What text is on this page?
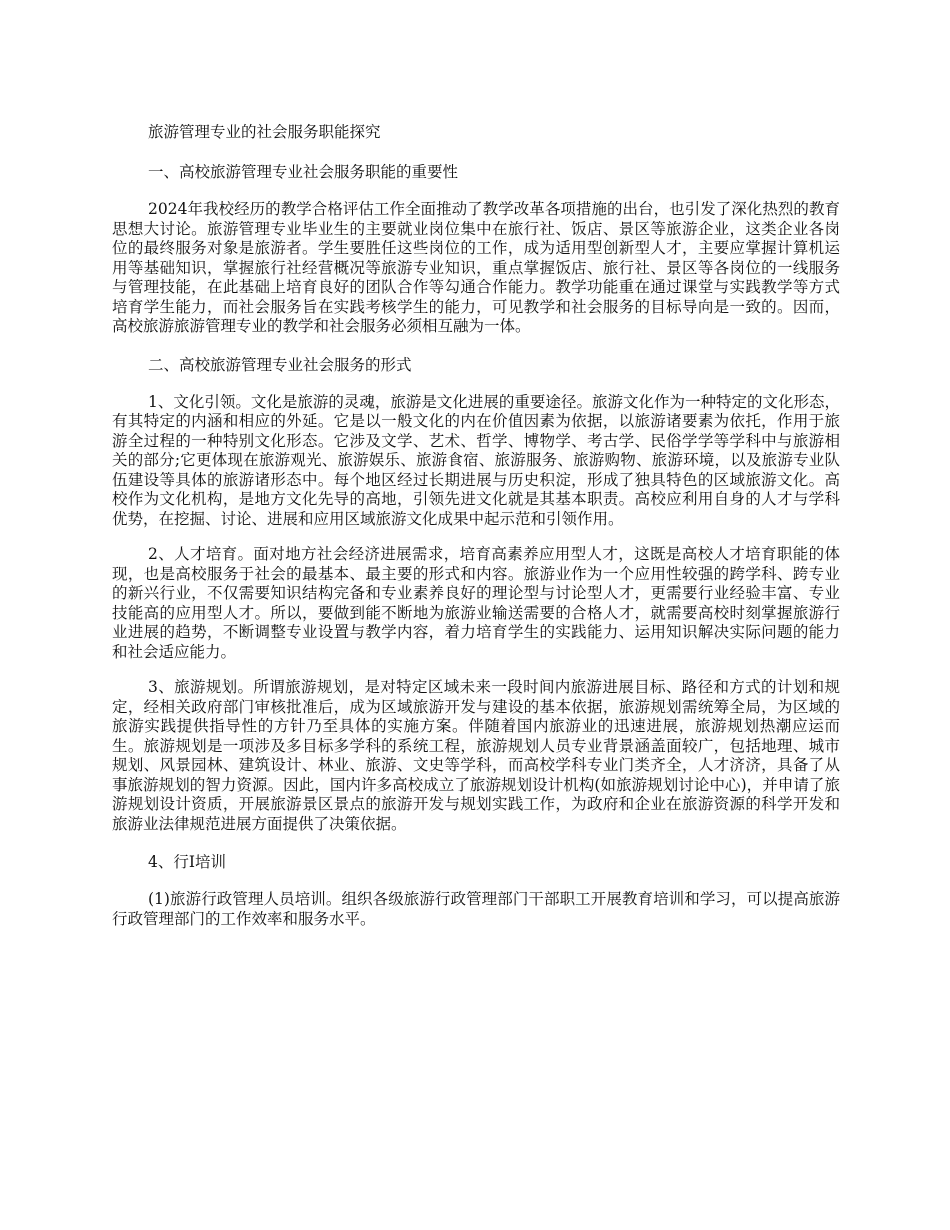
旅游管理专业的社会服务职能探究

一、高校旅游管理专业社会服务职能的重要性

2024年我校经历的教学合格评估工作全面推动了教学改革各项措施的出台，也引发了深化热烈的教育思想大讨论。旅游管理专业毕业生的主要就业岗位集中在旅行社、饭店、景区等旅游企业，这类企业各岗位的最终服务对象是旅游者。学生要胜任这些岗位的工作，成为适用型创新型人才，主要应掌握计算机运用等基础知识，掌握旅行社经营概况等旅游专业知识，重点掌握饭店、旅行社、景区等各岗位的一线服务与管理技能，在此基础上培育良好的团队合作等勾通合作能力。教学功能重在通过课堂与实践教学等方式培育学生能力，而社会服务旨在实践考核学生的能力，可见教学和社会服务的目标导向是一致的。因而，高校旅游旅游管理专业的教学和社会服务必须相互融为一体。

二、高校旅游管理专业社会服务的形式

1、文化引领。文化是旅游的灵魂，旅游是文化进展的重要途径。旅游文化作为一种特定的文化形态，有其特定的内涵和相应的外延。它是以一般文化的内在价值因素为依据，以旅游诸要素为依托，作用于旅游全过程的一种特别文化形态。它涉及文学、艺术、哲学、博物学、考古学、民俗学学等学科中与旅游相关的部分;它更体现在旅游观光、旅游娱乐、旅游食宿、旅游服务、旅游购物、旅游环境，以及旅游专业队伍建设等具体的旅游诸形态中。每个地区经过长期进展与历史积淀，形成了独具特色的区域旅游文化。高校作为文化机构，是地方文化先导的高地，引领先进文化就是其基本职责。高校应利用自身的人才与学科优势，在挖掘、讨论、进展和应用区域旅游文化成果中起示范和引领作用。

2、人才培育。面对地方社会经济进展需求，培育高素养应用型人才，这既是高校人才培育职能的体现，也是高校服务于社会的最基本、最主要的形式和内容。旅游业作为一个应用性较强的跨学科、跨专业的新兴行业，不仅需要知识结构完备和专业素养良好的理论型与讨论型人才，更需要行业经验丰富、专业技能高的应用型人才。所以，要做到能不断地为旅游业输送需要的合格人才，就需要高校时刻掌握旅游行业进展的趋势，不断调整专业设置与教学内容，着力培育学生的实践能力、运用知识解决实际问题的能力和社会适应能力。

3、旅游规划。所谓旅游规划，是对特定区域未来一段时间内旅游进展目标、路径和方式的计划和规定，经相关政府部门审核批准后，成为区域旅游开发与建设的基本依据，旅游规划需统筹全局，为区域的旅游实践提供指导性的方针乃至具体的实施方案。伴随着国内旅游业的迅速进展，旅游规划热潮应运而生。旅游规划是一项涉及多目标多学科的系统工程，旅游规划人员专业背景涵盖面较广，包括地理、城市规划、风景园林、建筑设计、林业、旅游、文史等学科，而高校学科专业门类齐全，人才济济，具备了从事旅游规划的智力资源。因此，国内许多高校成立了旅游规划设计机构(如旅游规划讨论中心)，并申请了旅游规划设计资质，开展旅游景区景点的旅游开发与规划实践工作，为政府和企业在旅游资源的科学开发和旅游业法律规范进展方面提供了决策依据。

4、行I培训

(1)旅游行政管理人员培训。组织各级旅游行政管理部门干部职工开展教育培训和学习，可以提高旅游行政管理部门的工作效率和服务水平。
